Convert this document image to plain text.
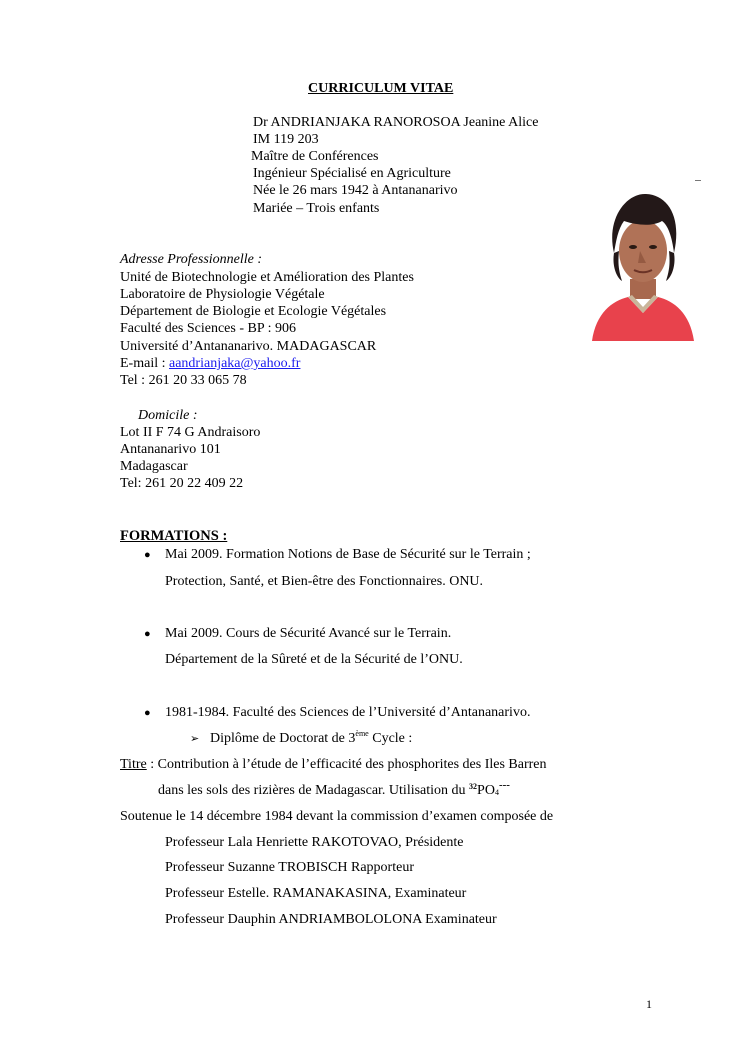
CURRICULUM VITAE
Dr ANDRIANJAKA RANOROSOA Jeanine Alice
IM 119 203
Maître de Conférences
Ingénieur Spécialisé en Agriculture
Née le 26 mars 1942 à Antananarivo
Mariée – Trois enfants
Adresse Professionnelle :
Unité de Biotechnologie et Amélioration des Plantes
Laboratoire de Physiologie Végétale
Département de Biologie et Ecologie Végétales
Faculté des Sciences - BP : 906
Université d’Antananarivo. MADAGASCAR
E-mail : aandrianjaka@yahoo.fr
Tel : 261 20 33 065 78
Domicile :
Lot II F 74 G Andraisoro
Antananarivo 101
Madagascar
Tel: 261 20 22 409 22
FORMATIONS :
● Mai 2009. Formation Notions de Base de Sécurité sur le Terrain ;
Protection, Santé, et Bien-être des Fonctionnaires. ONU.
● Mai 2009. Cours de Sécurité Avancé sur le Terrain.
Département de la Sûreté et de la Sécurité de l’ONU.
● 1981-1984. Faculté des Sciences de l’Université d’Antananarivo.
➢ Diplôme de Doctorat de 3ème Cycle :
Titre : Contribution à l’étude de l’efficacité des phosphorites des Iles Barren
dans les sols des rizières de Madagascar. Utilisation du $^{32}$PO4---
Soutenue le 14 décembre 1984 devant la commission d’examen composée de
Professeur Lala Henriette RAKOTOVAO, Présidente
Professeur Suzanne TROBISCH Rapporteur
Professeur Estelle. RAMANAKASINA, Examinateur
Professeur Dauphin ANDRIAMBOLOLONA Examinateur
1
